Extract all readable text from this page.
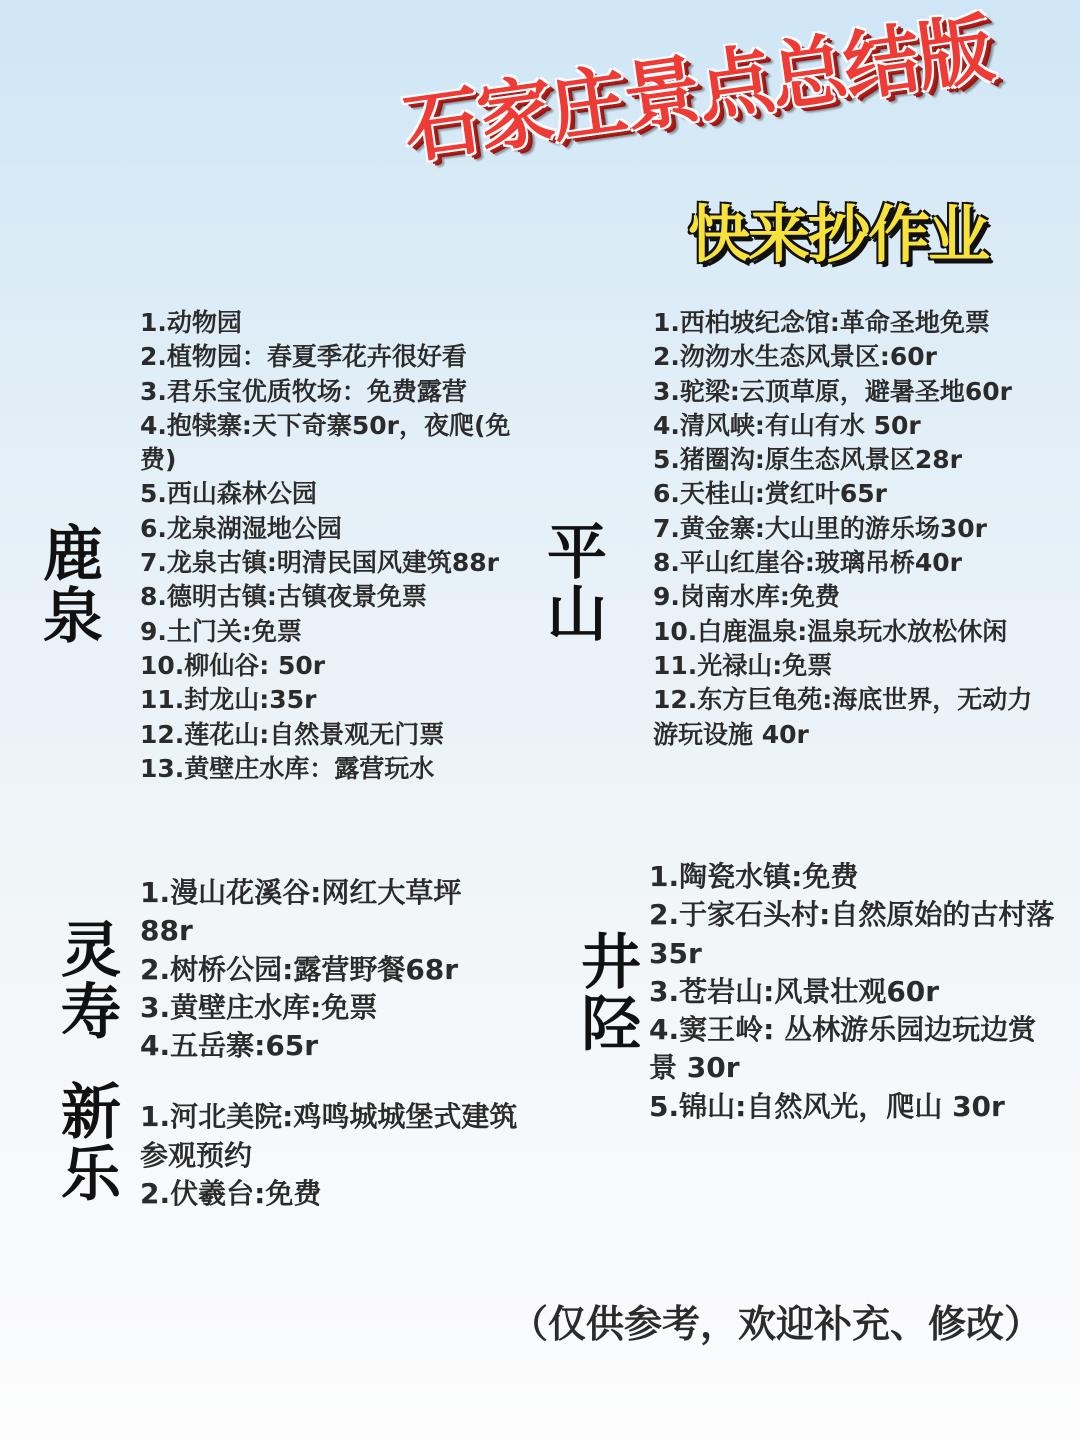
石家庄景点总结版
快来抄作业
鹿泉
1.动物园
2.植物园：春夏季花卉很好看
3.君乐宝优质牧场：免费露营
4.抱犊寨:天下奇寨50r，夜爬(免费)
5.西山森林公园
6.龙泉湖湿地公园
7.龙泉古镇:明清民国风建筑88r
8.德明古镇:古镇夜景免票
9.土门关:免票
10.柳仙谷: 50r
11.封龙山:35r
12.莲花山:自然景观无门票
13.黄壁庄水库：露营玩水
平山
1.西柏坡纪念馆:革命圣地免票
2.沕沕水生态风景区:60r
3.驼梁:云顶草原，避暑圣地60r
4.清风峡:有山有水 50r
5.猪圈沟:原生态风景区28r
6.天桂山:赏红叶65r
7.黄金寨:大山里的游乐场30r
8.平山红崖谷:玻璃吊桥40r
9.岗南水库:免费
10.白鹿温泉:温泉玩水放松休闲
11.光禄山:免票
12.东方巨龟苑:海底世界，无动力游玩设施 40r
灵寿
1.漫山花溪谷:网红大草坪88r
2.树桥公园:露营野餐68r
3.黄壁庄水库:免票
4.五岳寨:65r
新乐 1.河北美院:鸡鸣城城堡式建筑参观预约
2.伏羲台:免费
井陉
1.陶瓷水镇:免费
2.于家石头村:自然原始的古村落35r
3.苍岩山:风景壮观60r
4.窦王岭: 丛林游乐园边玩边赏景 30r
5.锦山:自然风光，爬山 30r

（仅供参考，欢迎补充、修改）
